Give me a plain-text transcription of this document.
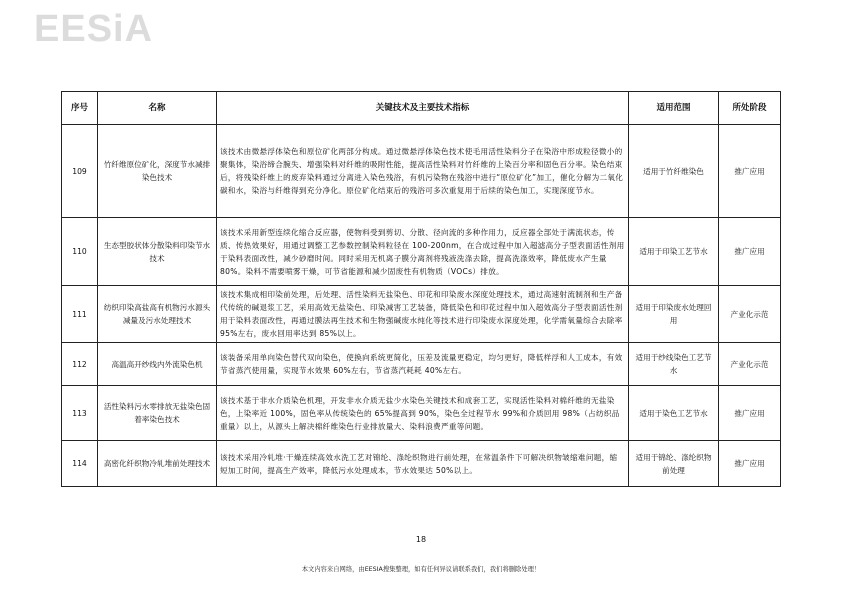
EESiA
序号	名称	关键技术及主要技术指标	适用范围	所处阶段
109	竹纤维原位矿化，深度节水减排染色技术	该技术由微悬浮体染色和原位矿化两部分构成。通过微悬浮体染色技术使毛用活性染料分子在染浴中形成粒径微小的聚集体，染浴缔合腕失、增强染料对纤维的吸附性能，提高活性染料对竹纤维的上染百分率和固色百分率。染色结束后，将残染纤维上的废弃染料通过分离进入染色残浴，有机污染物在残浴中进行“原位矿化”加工，催化分解为二氧化碳和水，染浴与纤维得到充分净化。原位矿化结束后的残浴可多次重复用于后续的染色加工，实现深度节水。	适用于竹纤维染色	推广应用
110	生态型胶状体分散染料印染节水技术	该技术采用新型连续化缩合反应器，使物料受到剪切、分散、径向流的多种作用力，反应器全部处于满流状态，传质、传热效果好，用通过调整工艺参数控制染料粒径在 100-200nm，在合成过程中加入超滤高分子型表面活性剂用于染料表面改性，减少砂磨时间。同时采用无机离子膜分离剂将残液洗涤去除，提高洗涤效率，降低废水产生量 80%。染料不需要喷雾干燥，可节省能源和减少固废性有机物质（VOCs）排放。	适用于印染工艺节水	推广应用
111	纺织印染高盐高有机物污水源头减量及污水处理技术	该技术集成相印染前处理，后处理、活性染料无盐染色、印花和印染废水深度处理技术，通过高速射流制剂和生产备代传统的碱退浆工艺，采用高效无盐染色、印染减害工艺装备，降低染色和印花过程中加入超效高分子型表面活性剂用于染料表面改性，再通过膜法再生技术和生物强碱废水纯化等技术进行印染废水深度处理，化学需氧量综合去除率 95%左右，废水回用率达到 85%以上。	适用于印染废水处理回用	产业化示范
112	高温高开纱线内外流染色机	该装备采用单向染色替代双向染色，使换向系统更简化，压差及流量更稳定，均匀更好，降低样浮和人工成本，有效节省蒸汽使用量，实现节水效果 60%左右，节省蒸汽耗耗 40%左右。	适用于纱线染色工艺节水	产业化示范
113	活性染料污水零排放无盐染色固着率染色技术	该技术基于非水介质染色机理，开发非水介质无盐少水染色关键技术和成套工艺，实现活性染料对棉纤维的无盐染色，上染率近 100%，固色率从传统染色的 65%提高到 90%，染色全过程节水 99%和介质回用 98%（占纺织品重量）以上，从源头上解决棉纤维染色行业排放量大、染料浪费严重等问题。	适用于染色工艺节水	推广应用
114	高密化纤织物冷轧堆前处理技术	该技术采用冷轧堆·干燥连续高效水洗工艺对锦纶、涤纶织物进行前处理，在常温条件下可解决织物皱缩难问题，缩短加工时间，提高生产效率，降低污水处理成本，节水效果达 50%以上。	适用于锦纶、涤纶织物前处理	推广应用
18
本文内容来自网络，由EESIA搜集整理，如有任何异议请联系我们，我们将删除处理！
